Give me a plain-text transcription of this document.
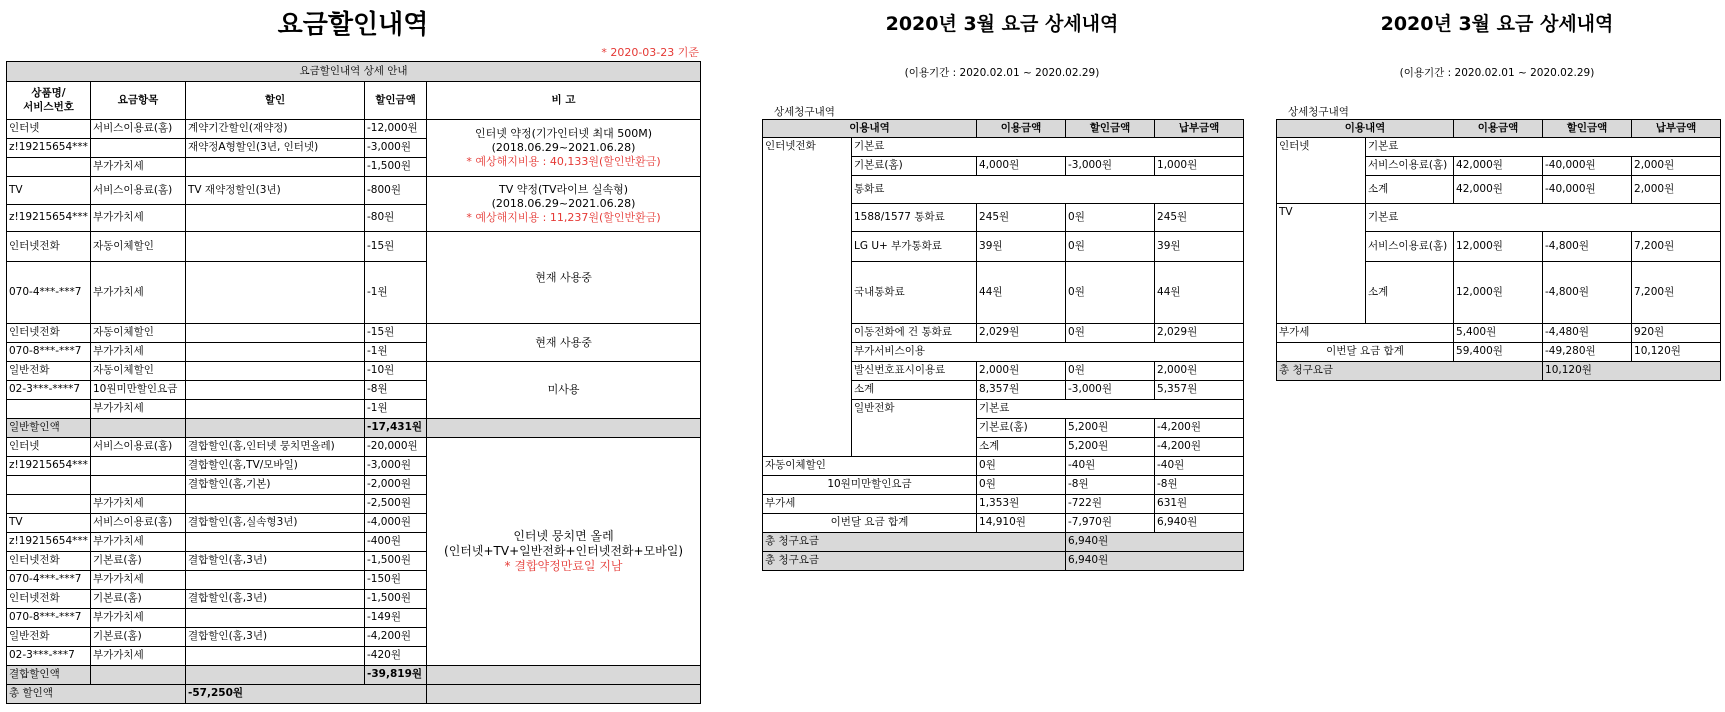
요금할인내역
* 2020-03-23 기준
요금할인내역 상세 안내				

상품명/
서비스번호	요금항목	할인	할인금액	비 고
인터넷	서비스이용료(홈)	계약기간할인(재약정)	-12,000원	인터넷 약정(기가인터넷 최대 500M)
(2018.06.29~2021.06.28)
* 예상해지비용 : 40,133원(할인반환금)

z!19215654***		재약정A형할인(3년, 인터넷)	-3,000원	
	부가가치세		-1,500원	
TV	서비스이용료(홈)	TV 재약정할인(3년)	-800원	TV 약정(TV라이브 실속형)
(2018.06.29~2021.06.28)
* 예상해지비용 : 11,237원(할인반환금)

z!19215654***	부가가치세		-80원	
인터넷전화	자동이체할인		-15원	현재 사용중
070-4***-***7	부가가치세		-1원	
인터넷전화	자동이체할인		-15원	현재 사용중
070-8***-***7	부가가치세		-1원	
일반전화	자동이체할인		-10원	미사용
02-3***-****7	10원미만할인요금		-8원	
	부가가치세		-1원	
일반할인액			-17,431원	
인터넷	서비스이용료(홈)	결합할인(홈,인터넷 뭉치면올레)	-20,000원	인터넷 뭉치면 올레
(인터넷+TV+일반전화+인터넷전화+모바일)
* 결합약정만료일 지남

z!19215654***		결합할인(홈,TV/모바일)	-3,000원	
		결합할인(홈,기본)	-2,000원	
	부가가치세		-2,500원	
TV	서비스이용료(홈)	결합할인(홈,실속형3년)	-4,000원	
z!19215654***	부가가치세		-400원	
인터넷전화	기본료(홈)	결합할인(홈,3년)	-1,500원	
070-4***-***7	부가가치세		-150원	
인터넷전화	기본료(홈)	결합할인(홈,3년)	-1,500원	
070-8***-***7	부가가치세		-149원	
일반전화	기본료(홈)	결합할인(홈,3년)	-4,200원	
02-3***-***7	부가가치세		-420원	
결합할인액			-39,819원	
총 할인액		-57,250원		
2020년 3월 요금 상세내역
(이용기간 : 2020.02.01 ~ 2020.02.29)
상세청구내역
이용내역		이용금액	할인금액	납부금액	
인터넷전화	기본료				
	기본료(홈)	4,000원	-3,000원	1,000원	
	통화료				
	1588/1577 통화료	245원	0원	245원	
	LG U+ 부가통화료	39원	0원	39원	
	국내통화료	44원	0원	44원	
	이동전화에 건 통화료	2,029원	0원	2,029원	
	부가서비스이용				
	발신번호표시이용료	2,000원	0원	2,000원	
	소계	8,357원	-3,000원	5,357원	
	일반전화	기본료			
		기본료(홈)	5,200원	-4,200원	
		소계	5,200원	-4,200원	
자동이체할인		0원	-40원	-40원	
10원미만할인요금		0원	-8원	-8원	
부가세		1,353원	-722원	631원	
이번달 요금 합계		14,910원	-7,970원	6,940원	
총 청구요금			6,940원		
총 청구요금			6,940원		
2020년 3월 요금 상세내역
(이용기간 : 2020.02.01 ~ 2020.02.29)
상세청구내역
이용내역		이용금액	할인금액	납부금액
인터넷	기본료			
	서비스이용료(홈)	42,000원	-40,000원	2,000원
	소계	42,000원	-40,000원	2,000원
TV	기본료			
	서비스이용료(홈)	12,000원	-4,800원	7,200원
	소계	12,000원	-4,800원	7,200원
부가세		5,400원	-4,480원	920원
이번달 요금 합계		59,400원	-49,280원	10,120원
총 청구요금			10,120원	
